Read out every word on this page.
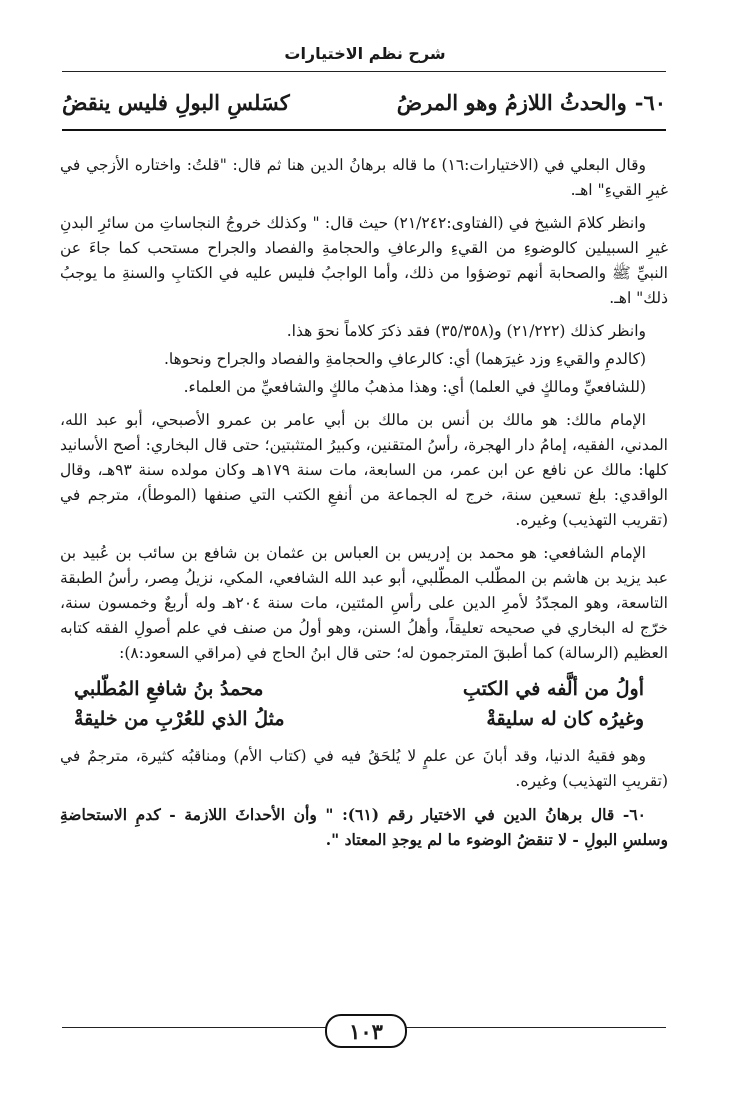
شرح نظم الاختيارات
٦٠-
والحدثُ اللازمُ وهو المرضُ
كسَلسِ البولِ فليس ينقضُ

وقال البعلي في (الاختيارات:١٦) ما قاله برهانُ الدين هنا ثم قال: "قلتُ: واختاره الأزجي في غيرِ القيءِ" اهـ.

وانظر كلامَ الشيخ في (الفتاوى:٢١/٢٤٢) حيث قال: " وكذلك خروجُ النجاساتِ من سائرِ البدنِ غيرِ السبيلين كالوضوءِ من القيءِ والرعافِ والحجامةِ والفصاد والجراح مستحب كما جاءَ عن النبيِّ ﷺ والصحابة أنهم توضؤوا من ذلك، وأما الواجبُ فليس عليه في الكتابِ والسنةِ ما يوجبُ ذلك" اهـ.

وانظر كذلك (٢١/٢٢٢) و(٣٥/٣٥٨) فقد ذكرَ كلاماً نحوَ هذا.

(كالدمِ والقيءِ وزد غيرَهما) أي: كالرعافِ والحجامةِ والفصاد والجراح ونحوها.

(للشافعيِّ ومالكٍ في العلما) أي: وهذا مذهبُ مالكٍ والشافعيِّ من العلماء.

الإمام مالك: هو مالك بن أنس بن مالك بن أبي عامر بن عمرو الأصبحي، أبو عبد الله، المدني، الفقيه، إمامُ دار الهجرة، رأسُ المتقنين، وكبيرُ المتثبتين؛ حتى قال البخاري: أصح الأسانيد كلها: مالك عن نافع عن ابن عمر، من السابعة، مات سنة ١٧٩هـ وكان مولده سنة ٩٣هـ، وقال الواقدي: بلغ تسعين سنة، خرج له الجماعة من أنفعِ الكتب التي صنفها (الموطأ)، مترجم في (تقريب التهذيب) وغيره.

الإمام الشافعي: هو محمد بن إدريس بن العباس بن عثمان بن شافع بن سائب بن عُبيد بن عبد يزيد بن هاشم بن المطّلب المطّلبي، أبو عبد الله الشافعي، المكي، نزيلُ مِصر، رأسُ الطبقة التاسعة، وهو المجدّدُ لأمرِ الدين على رأسِ المئتين، مات سنة ٢٠٤هـ وله أربعٌ وخمسون سنة، خرّج له البخاري في صحيحه تعليقاً، وأهلُ السنن، وهو أولُ من صنف في علم أصولِ الفقه كتابه العظيم (الرسالة) كما أطبقَ المترجمون له؛ حتى قال ابنُ الحاج في (مراقي السعود:٨):

أولُ من ألَّفه في الكتبِ
محمدُ بنُ شافعِ المُطّلبي
وغيرُه كان له سليقةْ
مثلُ الذي للعُرْبِ من خليقةْ

وهو فقيهُ الدنيا، وقد أبانَ عن علمٍ لا يُلحَقُ فيه في (كتاب الأم) ومناقبُه كثيرة، مترجمٌ في (تقريبِ التهذيب) وغيره.

٦٠- قال برهانُ الدين في الاختيار رقم (٦١): " وأن الأحداثَ اللازمة - كدمِ الاستحاضةِ وسلسِ البولِ - لا تنقضُ الوضوء ما لم يوجدِ المعتاد ".

١٠٣
